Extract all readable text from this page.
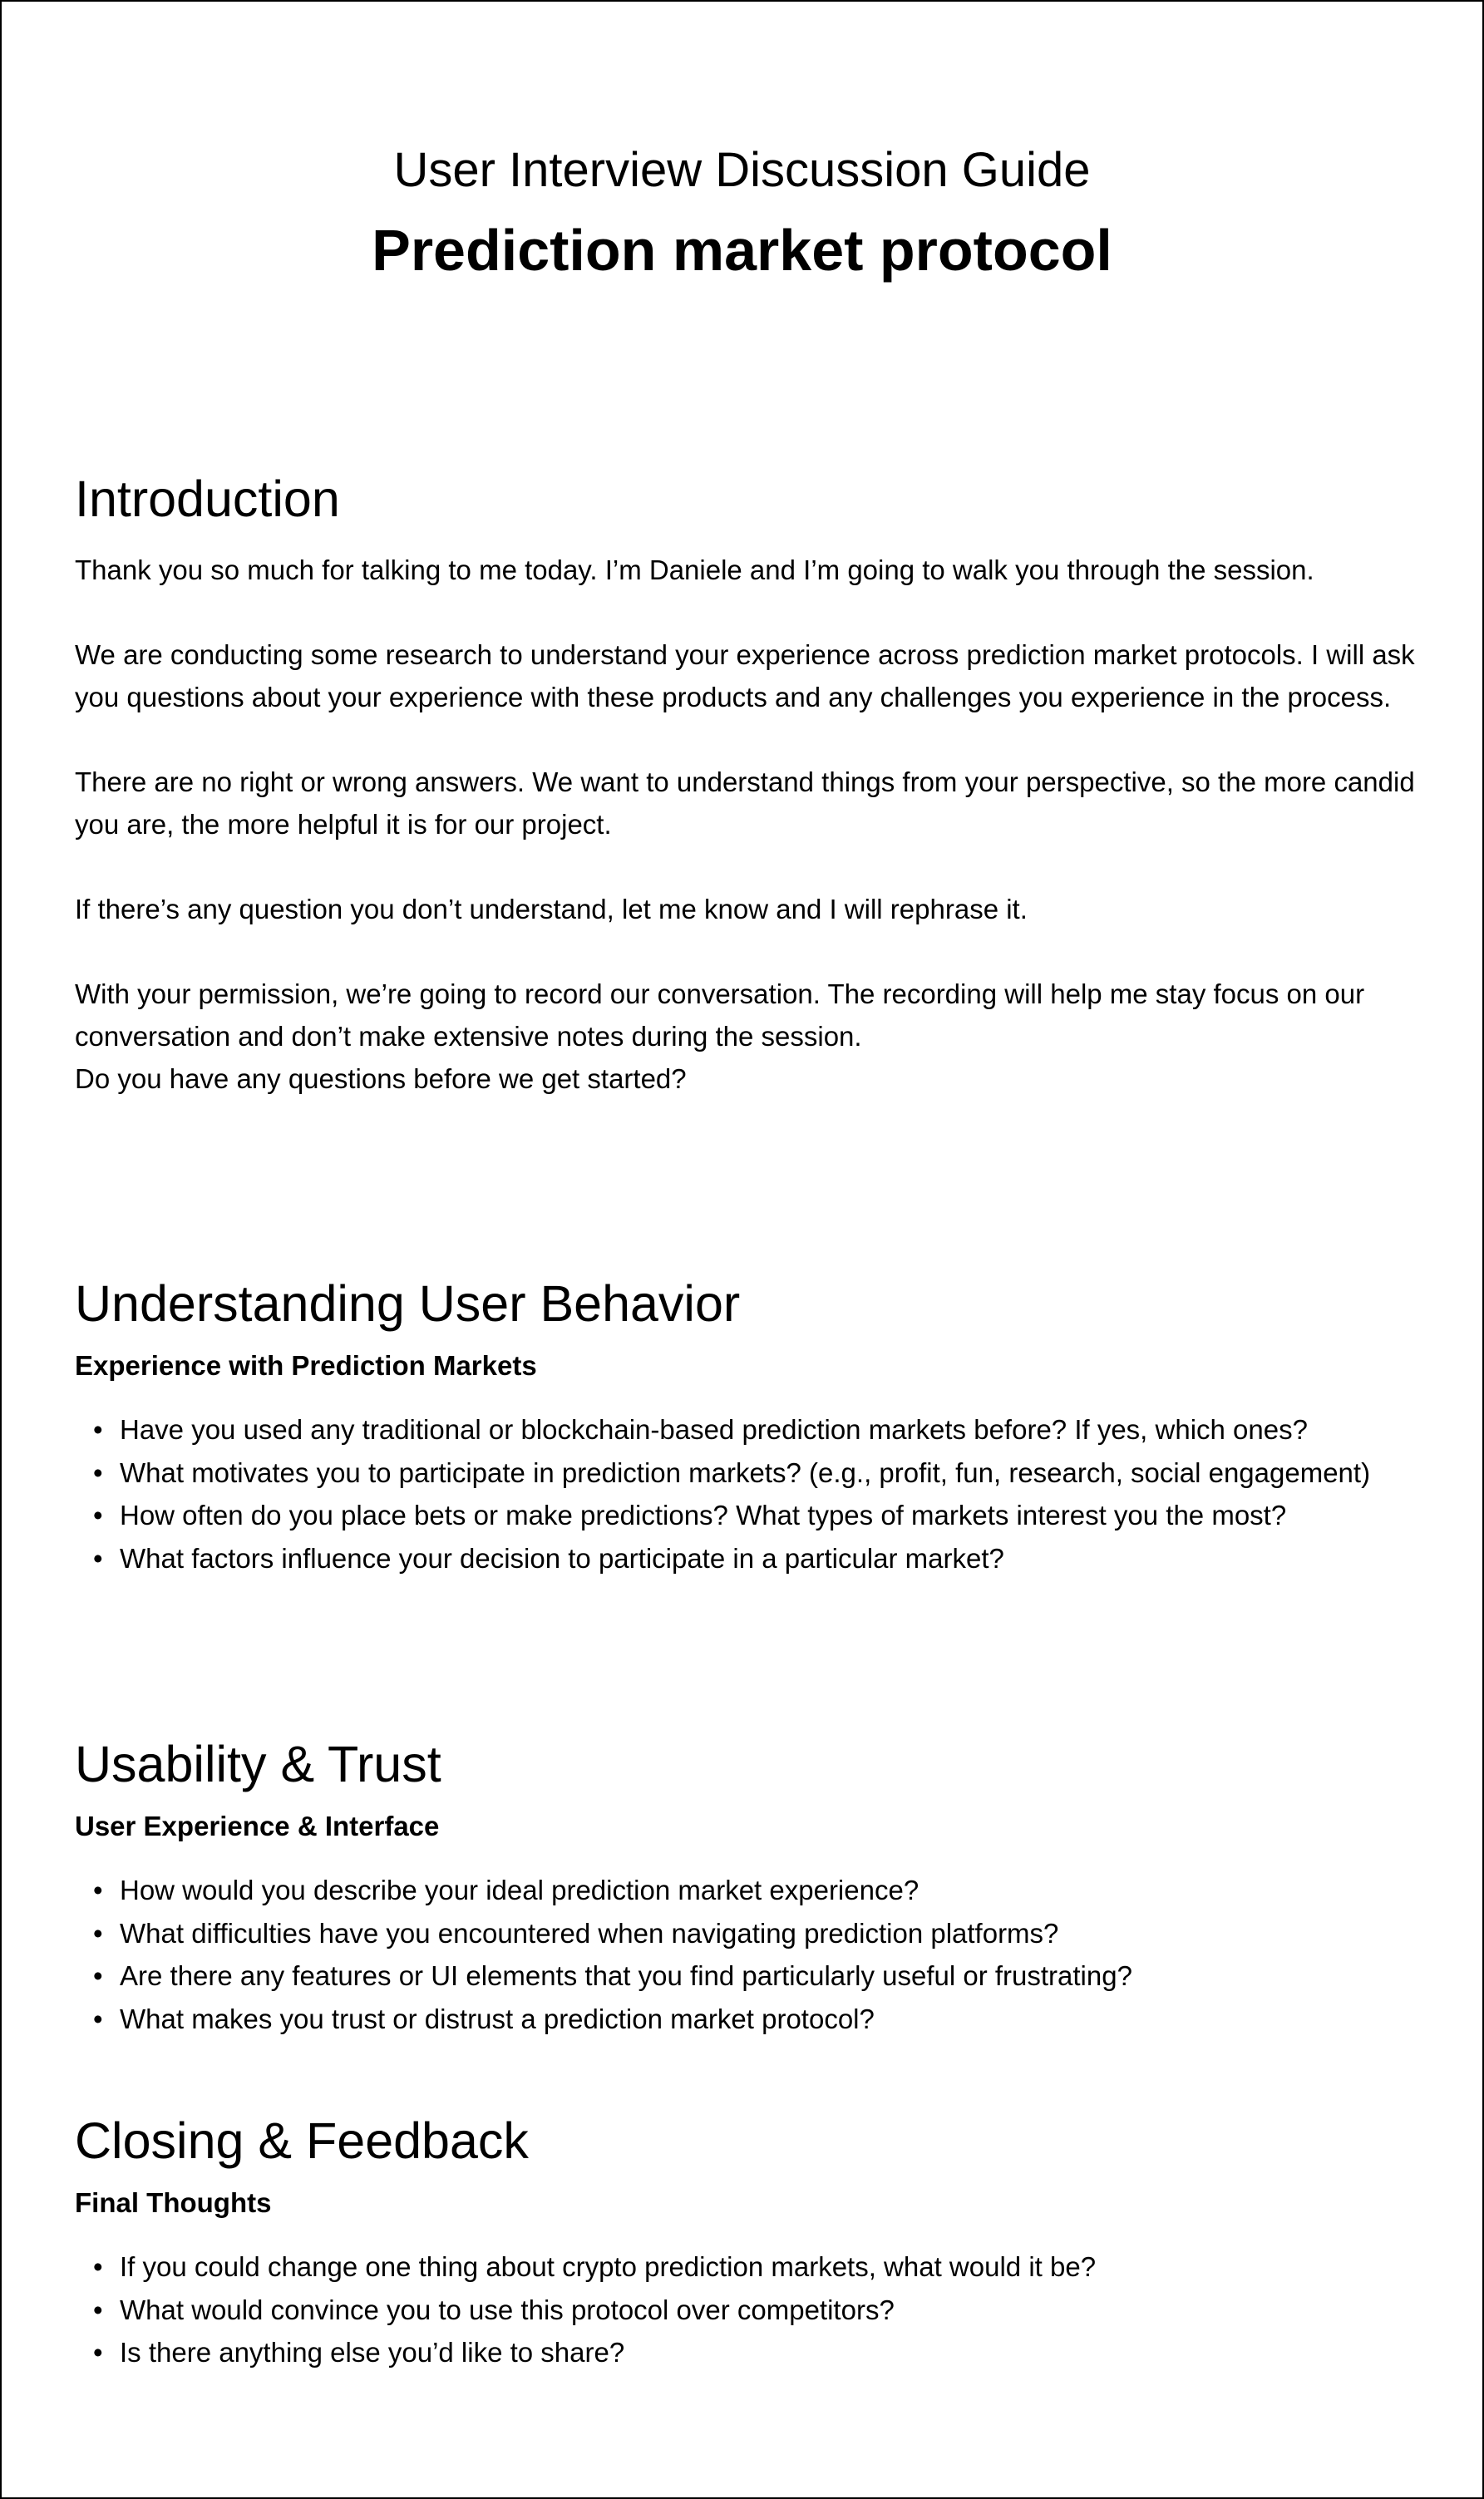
User Interview Discussion Guide
Prediction market protocol
Introduction

Thank you so much for talking to me today. I’m Daniele and I’m going to walk you through the session.

We are conducting some research to understand your experience across prediction market protocols. I will ask you questions about your experience with these products and any challenges you experience in the process.

There are no right or wrong answers. We want to understand things from your perspective, so the more candid you are, the more helpful it is for our project.

If there’s any question you don’t understand, let me know and I will rephrase it.

With your permission, we’re going to record our conversation. The recording will help me stay focus on our conversation and don’t make extensive notes during the session.

Do you have any questions before we get started?

Understanding User Behavior
Experience with Prediction Markets
• Have you used any traditional or blockchain-based prediction markets before? If yes, which ones?
• What motivates you to participate in prediction markets? (e.g., profit, fun, research, social engagement)
• How often do you place bets or make predictions? What types of markets interest you the most?
• What factors influence your decision to participate in a particular market?
Usability & Trust
User Experience & Interface
• How would you describe your ideal prediction market experience?
• What difficulties have you encountered when navigating prediction platforms?
• Are there any features or UI elements that you find particularly useful or frustrating?
• What makes you trust or distrust a prediction market protocol?
Closing & Feedback
Final Thoughts
• If you could change one thing about crypto prediction markets, what would it be?
• What would convince you to use this protocol over competitors?
• Is there anything else you’d like to share?
